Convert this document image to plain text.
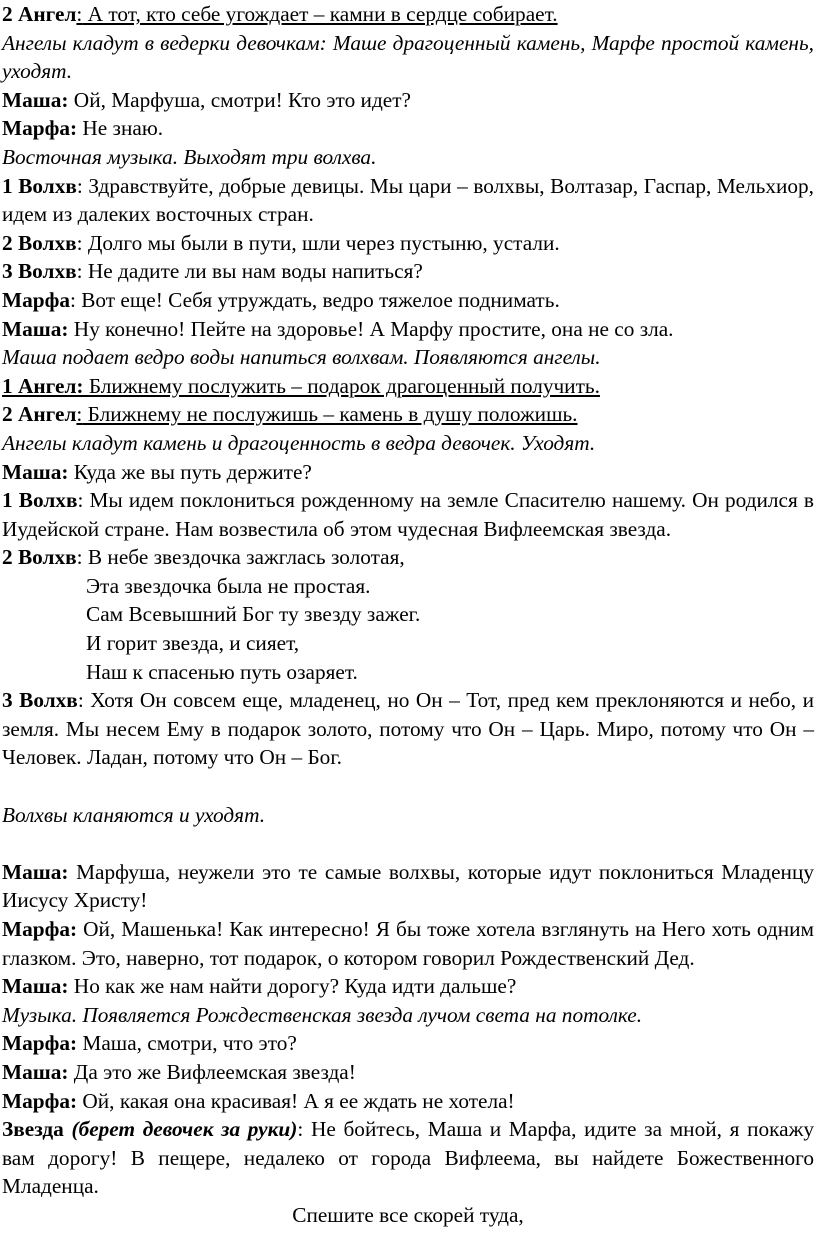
2 Ангел: А тот, кто себе угождает – камни в сердце собирает.

Ангелы кладут в ведерки девочкам: Маше драгоценный камень, Марфе простой камень, уходят.

Маша: Ой, Марфуша, смотри! Кто это идет?

Марфа: Не знаю.

Восточная музыка. Выходят три волхва.

1 Волхв: Здравствуйте, добрые девицы. Мы цари – волхвы, Волтазар, Гаспар, Мельхиор, идем из далеких восточных стран.

2 Волхв: Долго мы были в пути, шли через пустыню, устали.

3 Волхв: Не дадите ли вы нам воды напиться?

Марфа: Вот еще! Себя утруждать, ведро тяжелое поднимать.

Маша: Ну конечно! Пейте на здоровье! А Марфу простите, она не со зла.

Маша подает ведро воды напиться волхвам. Появляются ангелы.

1 Ангел: Ближнему послужить – подарок драгоценный получить.

2 Ангел: Ближнему не послужишь – камень в душу положишь.

Ангелы кладут камень и драгоценность в ведра девочек. Уходят.

Маша: Куда же вы путь держите?

1 Волхв: Мы идем поклониться рожденному на земле Спасителю нашему. Он родился в Иудейской стране. Нам возвестила об этом чудесная Вифлеемская звезда.

2 Волхв: В небе звездочка зажглась золотая,

Эта звездочка была не простая.

Сам Всевышний Бог ту звезду зажег.

И горит звезда, и сияет,

Наш к спасенью путь озаряет.

3 Волхв: Хотя Он совсем еще, младенец, но Он – Тот, пред кем преклоняются и небо, и земля. Мы несем Ему в подарок золото, потому что Он – Царь. Миро, потому что Он – Человек. Ладан, потому что Он – Бог.

Волхвы кланяются и уходят.

Маша: Марфуша, неужели это те самые волхвы, которые идут поклониться Младенцу Иисусу Христу!

Марфа: Ой, Машенька! Как интересно! Я бы тоже хотела взглянуть на Него хоть одним глазком. Это, наверно, тот подарок, о котором говорил Рождественский Дед.

Маша: Но как же нам найти дорогу? Куда идти дальше?

Музыка. Появляется Рождественская звезда лучом света на потолке.

Марфа: Маша, смотри, что это?

Маша: Да это же Вифлеемская звезда!

Марфа: Ой, какая она красивая! А я ее ждать не хотела!

Звезда (берет девочек за руки): Не бойтесь, Маша и Марфа, идите за мной, я покажу вам дорогу! В пещере, недалеко от города Вифлеема, вы найдете Божественного Младенца.

Спешите все скорей туда,
